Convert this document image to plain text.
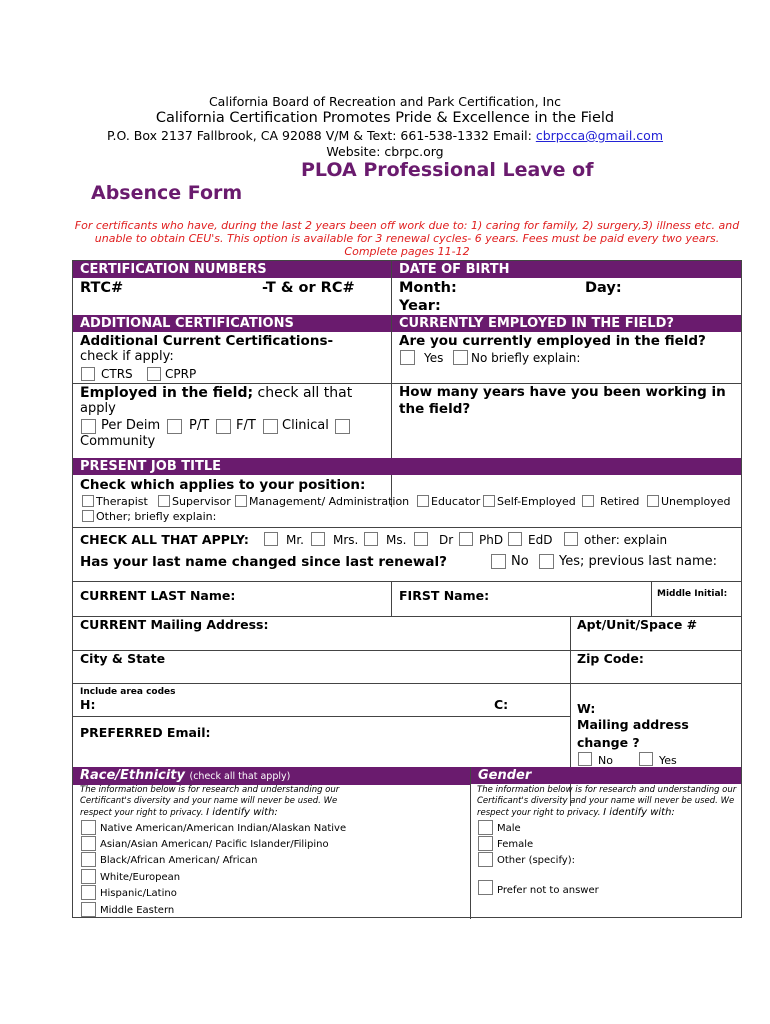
California Board of Recreation and Park Certification, Inc
California Certification Promotes Pride & Excellence in the Field
P.O. Box 2137 Fallbrook, CA 92088 V/M & Text: 661-538-1332 Email: cbrpcca@gmail.com
Website: cbrpc.org
PLOA Professional Leave of
Absence Form
For certificants who have, during the last 2 years been off work due to: 1) caring for family, 2) surgery,3) illness etc. and unable to obtain CEU's. This option is available for 3 renewal cycles- 6 years. Fees must be paid every two years. Complete pages 11-12
CERTIFICATION NUMBERS	DATE OF BIRTH
RTC#	-T & or RC#	Month:	Day:
Year:
ADDITIONAL CERTIFICATIONS	CURRENTLY EMPLOYED IN THE FIELD?
Additional Current Certifications-
check if apply:
CTRS	CPRP
Are you currently employed in the field?
Yes No briefly explain:
Employed in the field; check all that
apply
Per Deim P/T F/T Clinical
Community
How many years have you been working in
the field?
PRESENT JOB TITLE
Check which applies to your position:
Therapist Supervisor Management/ Administration Educator Self-Employed Retired Unemployed
Other; briefly explain:
CHECK ALL THAT APPLY:	Mr. Mrs. Ms.	Dr PhD EdD	other: explain
Has your last name changed since last renewal?	No Yes; previous last name:
CURRENT LAST Name:	FIRST Name:	Middle Initial:
CURRENT Mailing Address:	Apt/Unit/Space #
City & State	Zip Code:
Include area codes
H:	C:	W:
PREFERRED Email:
Mailing address
change ?
No	Yes
Race/Ethnicity (check all that apply)	Gender
The information below is for research and understanding our Certificant's diversity and your name will never be used. We respect your right to privacy. I identify with:
Native American/American Indian/Alaskan Native
Asian/Asian American/ Pacific Islander/Filipino
Black/African American/ African
White/European
Hispanic/Latino
Middle Eastern
The information below is for research and understanding our Certificant's diversity and your name will never be used. We respect your right to privacy. I identify with:
Male
Female
Other (specify):
Prefer not to answer
